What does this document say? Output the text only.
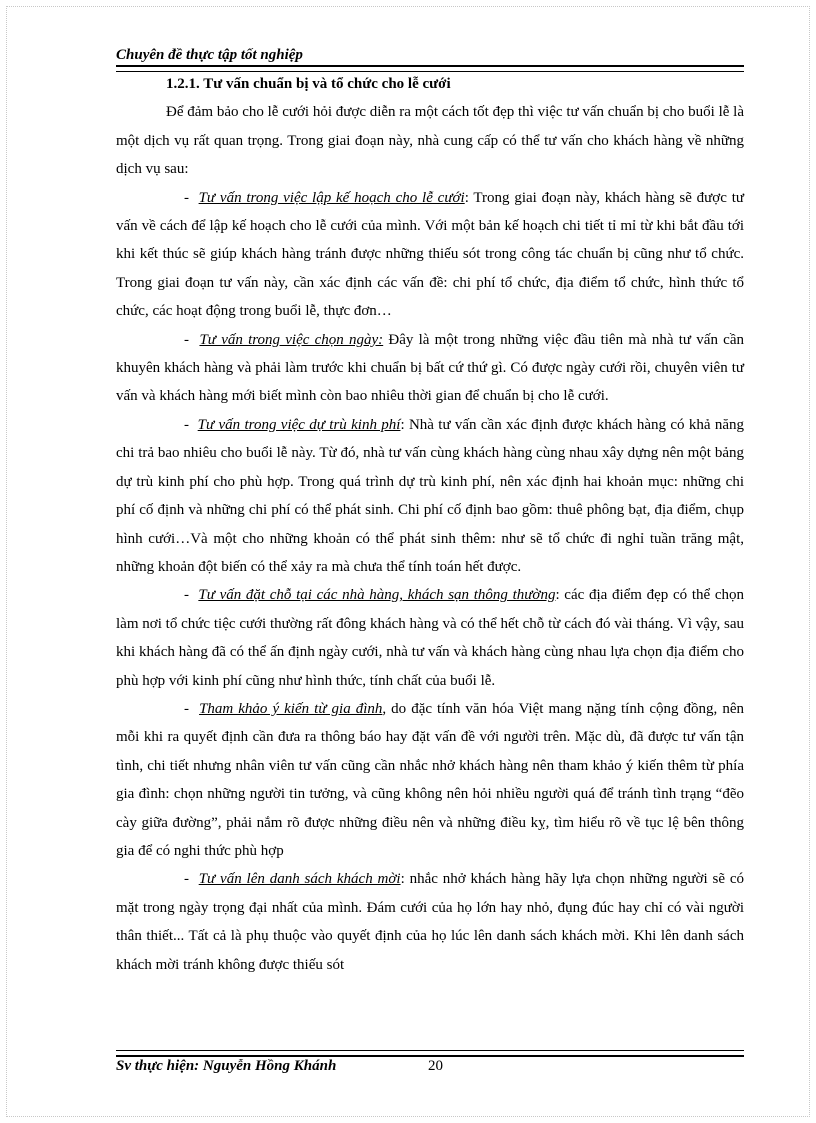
Chuyên đề thực tập tốt nghiệp

1.2.1. Tư vấn chuẩn bị và tổ chức cho lễ cưới

Để đảm bảo cho lễ cưới hỏi được diễn ra một cách tốt đẹp thì việc tư vấn chuẩn bị cho buổi lễ là một dịch vụ rất quan trọng. Trong giai đoạn này, nhà cung cấp có thể tư vấn cho khách hàng về những dịch vụ sau:

-  Tư vấn trong việc lập kế hoạch cho lễ cưới: Trong giai đoạn này, khách hàng sẽ được tư vấn về cách để lập kế hoạch cho lễ cưới của mình. Với một bản kế hoạch chi tiết tỉ mỉ từ khi bắt đầu tới khi kết thúc sẽ giúp khách hàng tránh được những thiếu sót trong công tác chuẩn bị cũng như tổ chức. Trong giai đoạn tư vấn này, cần xác định các vấn đề: chi phí tổ chức, địa điểm tổ chức, hình thức tổ chức, các hoạt động trong buổi lễ, thực đơn…

-  Tư vấn trong việc chọn ngày: Đây là một trong những việc đầu tiên mà nhà tư vấn cần khuyên khách hàng và phải làm trước khi chuẩn bị bất cứ thứ gì. Có được ngày cưới rồi, chuyên viên tư vấn và khách hàng mới biết mình còn bao nhiêu thời gian để chuẩn bị cho lễ cưới.

-  Tư vấn trong việc dự trù kinh phí: Nhà tư vấn cần xác định được khách hàng có khả năng chi trả bao nhiêu cho buổi lễ này. Từ đó, nhà tư vấn cùng khách hàng cùng nhau xây dựng nên một bảng dự trù kinh phí cho phù hợp. Trong quá trình dự trù kinh phí, nên xác định hai khoản mục: những chi phí cố định và những chi phí có thể phát sinh. Chi phí cố định bao gồm: thuê phông bạt, địa điểm, chụp hình cưới…Và một cho những khoản có thể phát sinh thêm: như sẽ tổ chức đi nghỉ tuần trăng mật, những khoản đột biến có thể xảy ra mà chưa thể tính toán hết được.

-  Tư vấn đặt chỗ tại các nhà hàng, khách sạn thông thường: các địa điểm đẹp có thể chọn làm nơi tổ chức tiệc cưới thường rất đông khách hàng và có thể hết chỗ từ cách đó vài tháng. Vì vậy, sau khi khách hàng đã có thể ấn định ngày cưới, nhà tư vấn và khách hàng cùng nhau lựa chọn địa điểm cho phù hợp với kinh phí cũng như hình thức, tính chất của buổi lễ.

-  Tham khảo ý kiến từ gia đình, do đặc tính văn hóa Việt mang nặng tính cộng đồng, nên mỗi khi ra quyết định cần đưa ra thông báo hay đặt vấn đề với người trên. Mặc dù, đã được tư vấn tận tình, chi tiết nhưng nhân viên tư vấn cũng cần nhắc nhở khách hàng nên tham khảo ý kiến thêm từ phía gia đình: chọn những người tin tưởng, và cũng không nên hỏi nhiều người quá để tránh tình trạng “đẽo cày giữa đường”, phải nắm rõ được những điều nên và những điều kỵ, tìm hiểu rõ về tục lệ bên thông gia để có nghi thức phù hợp

-  Tư vấn lên danh sách khách mời: nhắc nhở khách hàng hãy lựa chọn những người sẽ có mặt trong ngày trọng đại nhất của mình. Đám cưới của họ lớn hay nhỏ, đụng đúc hay chỉ có vài người thân thiết... Tất cả là phụ thuộc vào quyết định của họ lúc lên danh sách khách mời. Khi lên danh sách khách mời tránh không được thiếu sót

Sv thực hiện: Nguyễn Hồng Khánh	20
